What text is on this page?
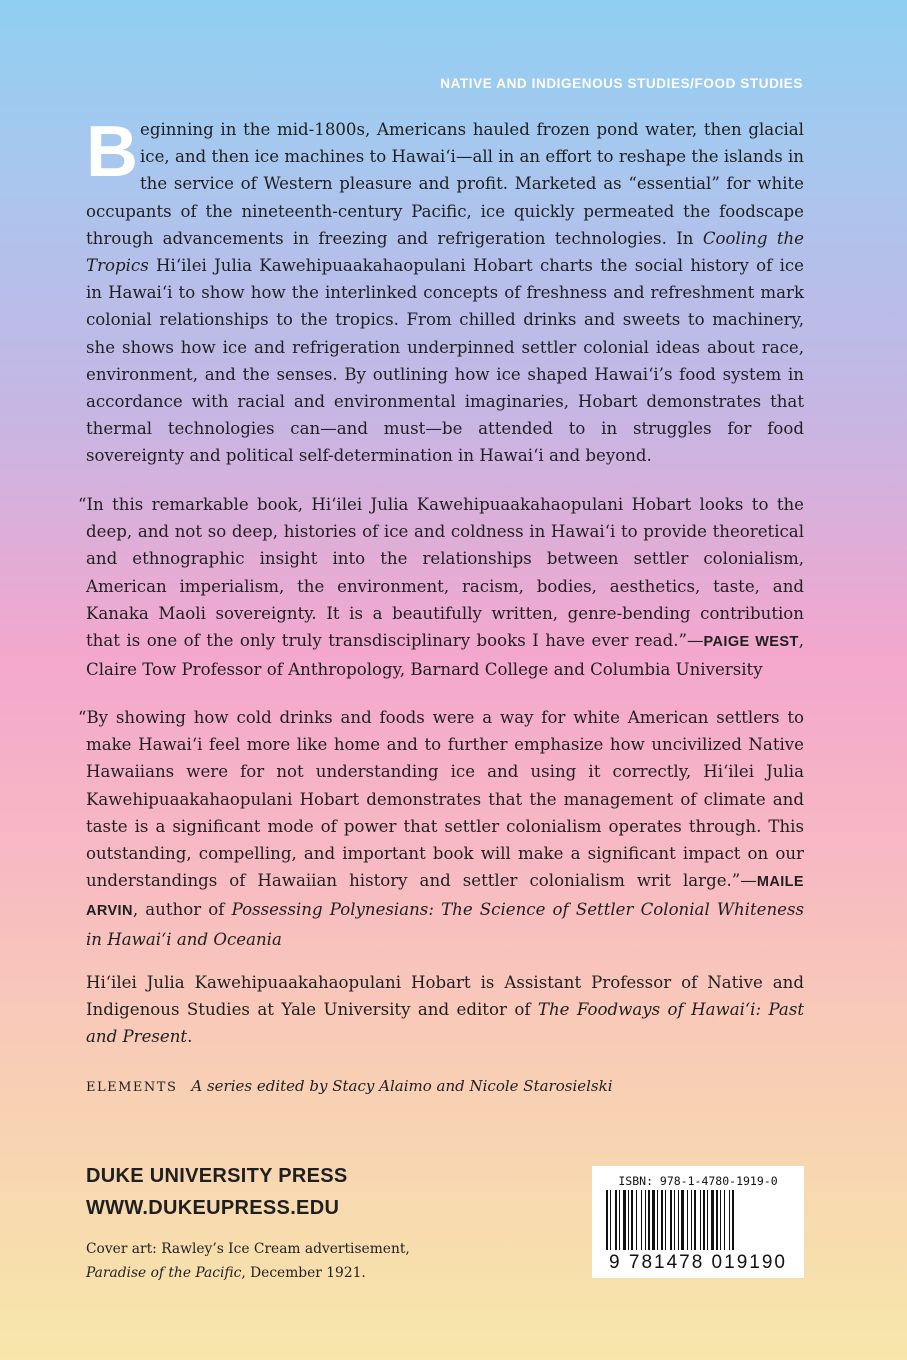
NATIVE AND INDIGENOUS STUDIES/FOOD STUDIES
Beginning in the mid-1800s, Americans hauled frozen pond water, then glacial ice, and then ice machines to Hawai‘i—all in an effort to reshape the islands in the service of Western pleasure and profit. Marketed as “essential” for white occupants of the nineteenth-century Pacific, ice quickly permeated the foodscape through advancements in freezing and refrigeration technologies. In Cooling the Tropics Hi‘ilei Julia Kawehipuaakahaopulani Hobart charts the social history of ice in Hawai‘i to show how the interlinked concepts of freshness and refreshment mark colonial relationships to the tropics. From chilled drinks and sweets to machinery, she shows how ice and refrigeration underpinned settler colonial ideas about race, environment, and the senses. By outlining how ice shaped Hawai‘i’s food system in accordance with racial and environmental imaginaries, Hobart demonstrates that thermal technologies can—and must—be attended to in struggles for food sovereignty and political self-determination in Hawai‘i and beyond.
“In this remarkable book, Hi‘ilei Julia Kawehipuaakahaopulani Hobart looks to the deep, and not so deep, histories of ice and coldness in Hawai‘i to provide theoretical and ethnographic insight into the relationships between settler colonialism, American imperialism, the environment, racism, bodies, aesthetics, taste, and Kanaka Maoli sovereignty. It is a beautifully written, genre-bending contribution that is one of the only truly transdisciplinary books I have ever read.”—PAIGE WEST, Claire Tow Professor of Anthropology, Barnard College and Columbia University
“By showing how cold drinks and foods were a way for white American settlers to make Hawai‘i feel more like home and to further emphasize how uncivilized Native Hawaiians were for not understanding ice and using it correctly, Hi‘ilei Julia Kawehipuaakahaopulani Hobart demonstrates that the management of climate and taste is a significant mode of power that settler colonialism operates through. This outstanding, compelling, and important book will make a significant impact on our understandings of Hawaiian history and settler colonialism writ large.”—MAILE ARVIN, author of Possessing Polynesians: The Science of Settler Colonial Whiteness in Hawai‘i and Oceania
Hi‘ilei Julia Kawehipuaakahaopulani Hobart is Assistant Professor of Native and Indigenous Studies at Yale University and editor of The Foodways of Hawai‘i: Past and Present.
ELEMENTS A series edited by Stacy Alaimo and Nicole Starosielski
DUKE UNIVERSITY PRESS
WWW.DUKEUPRESS.EDU
Cover art: Rawley’s Ice Cream advertisement,
Paradise of the Pacific, December 1921.
ISBN: 978-1-4780-1919-0
9 781478 019190
